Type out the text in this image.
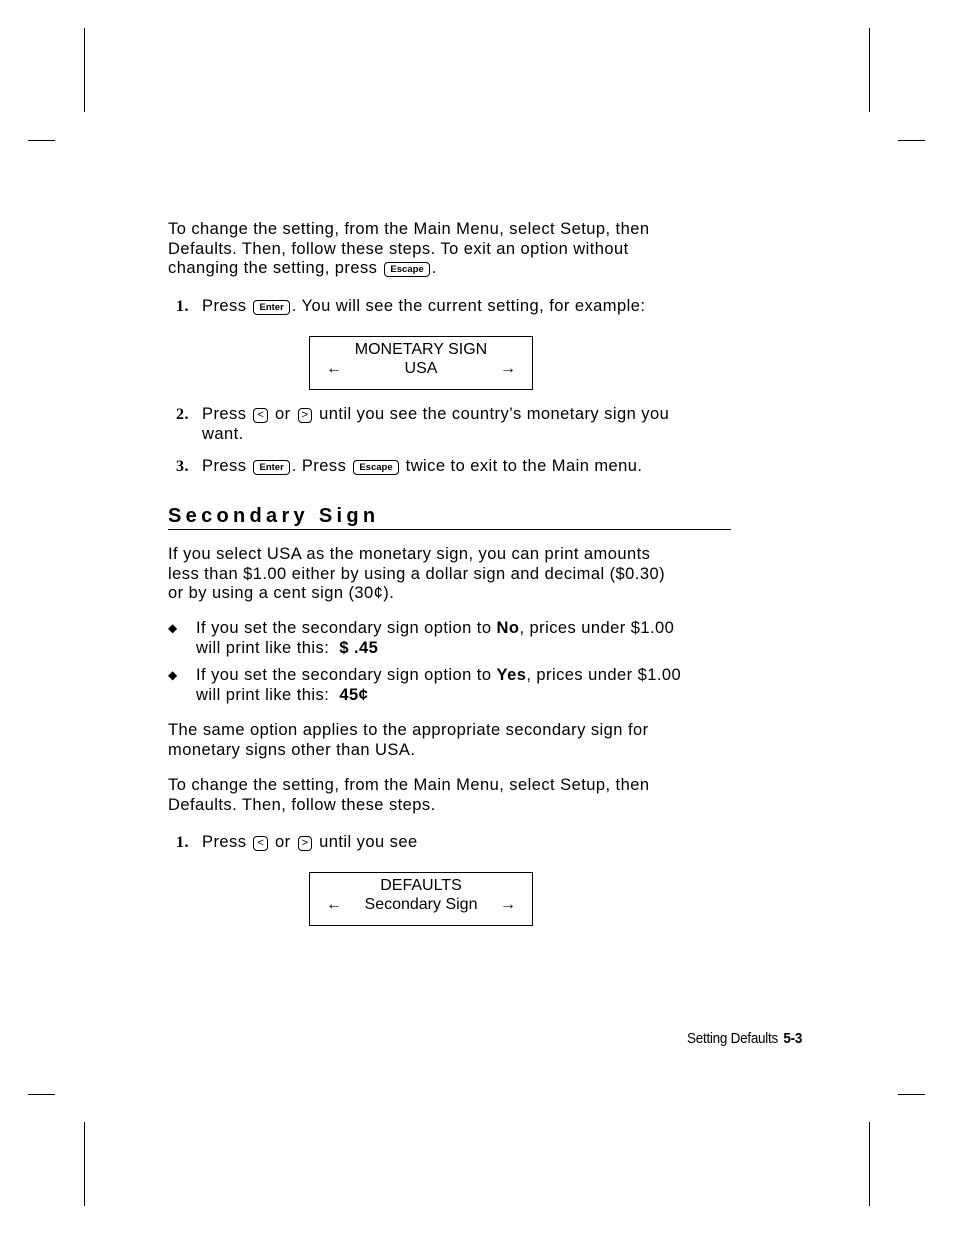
To change the setting, from the Main Menu, select Setup, then
Defaults. Then, follow these steps. To exit an option without
changing the setting, press Escape .
1. Press Enter . You will see the current setting, for example:
MONETARY SIGN
USA
←	→
2. Press < or > until you see the country’s monetary sign you
want.
3. Press Enter . Press Escape twice to exit to the Main menu.
Secondary Sign
If you select USA as the monetary sign, you can print amounts
less than $1.00 either by using a dollar sign and decimal ($0.30)
or by using a cent sign (30¢).
◆ If you set the secondary sign option to No, prices under $1.00
will print like this: $ .45
◆ If you set the secondary sign option to Yes, prices under $1.00
will print like this: 45¢
The same option applies to the appropriate secondary sign for
monetary signs other than USA.
To change the setting, from the Main Menu, select Setup, then
Defaults. Then, follow these steps.
1. Press < or > until you see
DEFAULTS
Secondary Sign
←	→
Setting Defaults 5-3
